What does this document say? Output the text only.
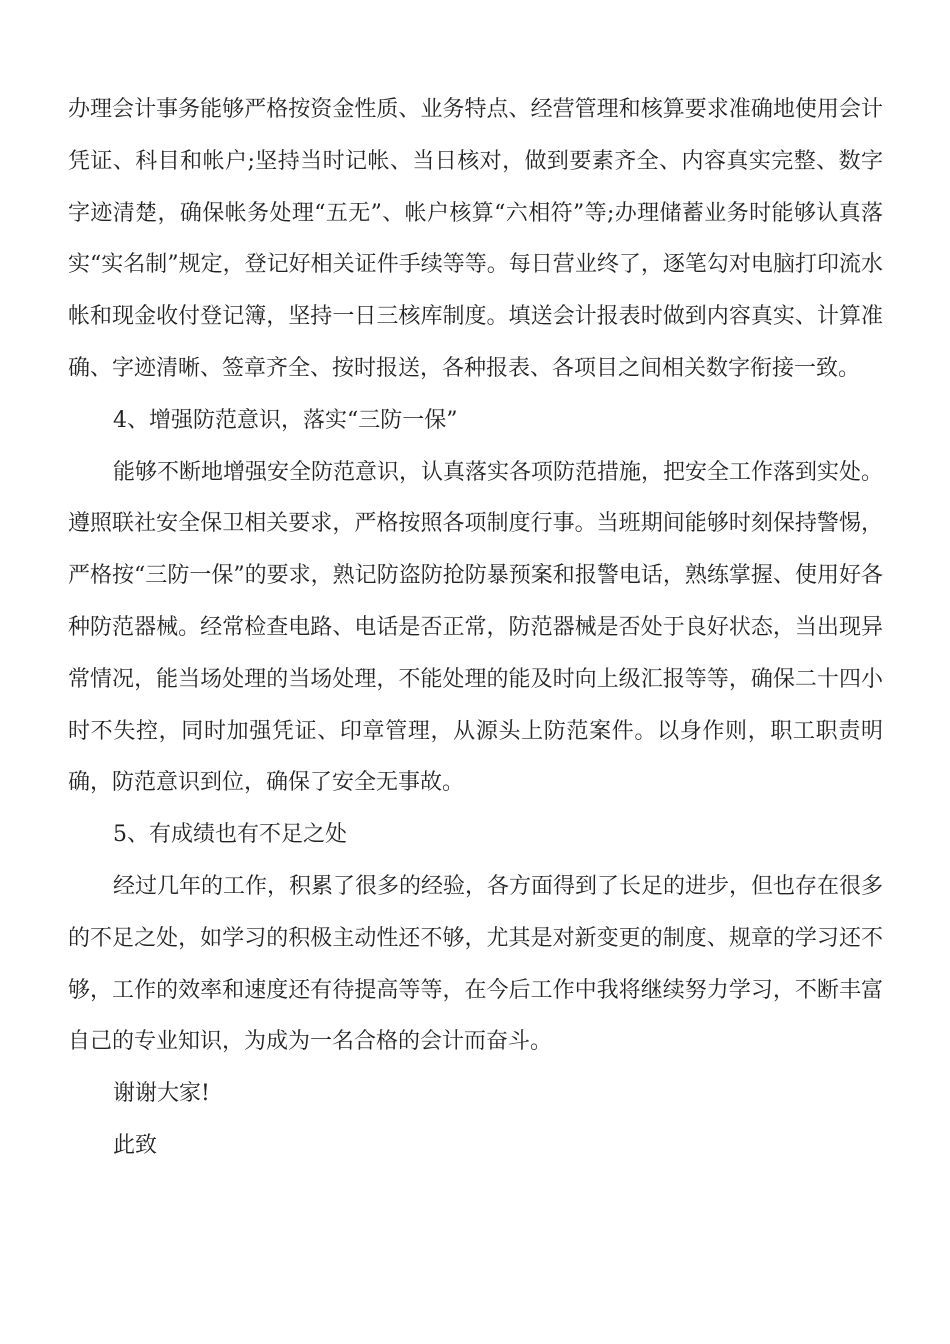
办理会计事务能够严格按资金性质、业务特点、经营管理和核算要求准确地使用会计凭证、科目和帐户;坚持当时记帐、当日核对，做到要素齐全、内容真实完整、数字字迹清楚，确保帐务处理“五无”、帐户核算“六相符”等;办理储蓄业务时能够认真落实“实名制”规定，登记好相关证件手续等等。每日营业终了，逐笔勾对电脑打印流水帐和现金收付登记簿，坚持一日三核库制度。填送会计报表时做到内容真实、计算准确、字迹清晰、签章齐全、按时报送，各种报表、各项目之间相关数字衔接一致。

4、增强防范意识，落实“三防一保”

能够不断地增强安全防范意识，认真落实各项防范措施，把安全工作落到实处。遵照联社安全保卫相关要求，严格按照各项制度行事。当班期间能够时刻保持警惕，严格按“三防一保”的要求，熟记防盗防抢防暴预案和报警电话，熟练掌握、使用好各种防范器械。经常检查电路、电话是否正常，防范器械是否处于良好状态，当出现异常情况，能当场处理的当场处理，不能处理的能及时向上级汇报等等，确保二十四小时不失控，同时加强凭证、印章管理，从源头上防范案件。以身作则，职工职责明确，防范意识到位，确保了安全无事故。

5、有成绩也有不足之处

经过几年的工作，积累了很多的经验，各方面得到了长足的进步，但也存在很多的不足之处，如学习的积极主动性还不够，尤其是对新变更的制度、规章的学习还不够，工作的效率和速度还有待提高等等，在今后工作中我将继续努力学习，不断丰富自己的专业知识，为成为一名合格的会计而奋斗。

谢谢大家!

此致
